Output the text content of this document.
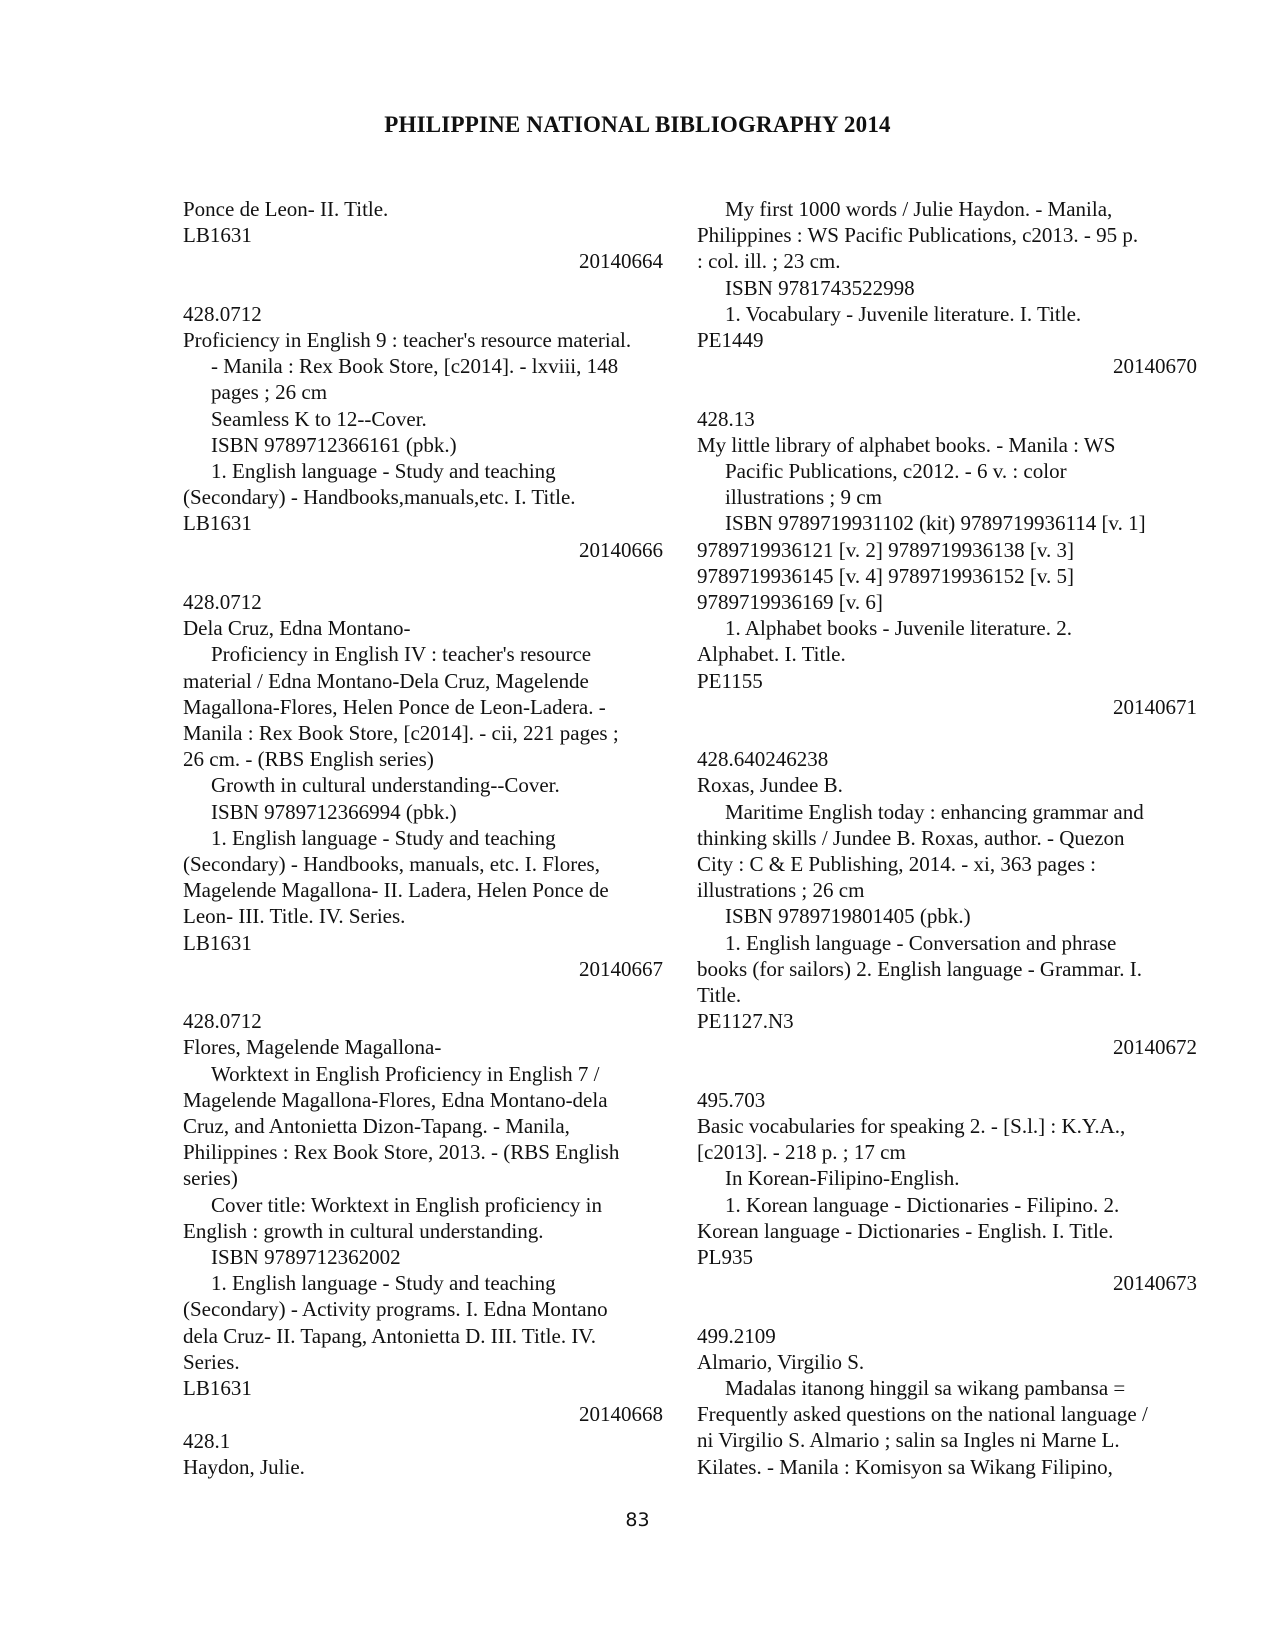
PHILIPPINE NATIONAL BIBLIOGRAPHY 2014
Ponce de Leon- II. Title.
LB1631
20140664
428.0712
Proficiency in English 9 : teacher's resource material.
- Manila : Rex Book Store, [c2014]. - lxviii, 148
pages ; 26 cm
Seamless K to 12--Cover.
ISBN 9789712366161 (pbk.)
1. English language - Study and teaching
(Secondary) - Handbooks,manuals,etc. I. Title.
LB1631
20140666
428.0712
Dela Cruz, Edna Montano-
Proficiency in English IV : teacher's resource
material / Edna Montano-Dela Cruz, Magelende
Magallona-Flores, Helen Ponce de Leon-Ladera. -
Manila : Rex Book Store, [c2014]. - cii, 221 pages ;
26 cm. - (RBS English series)
Growth in cultural understanding--Cover.
ISBN 9789712366994 (pbk.)
1. English language - Study and teaching
(Secondary) - Handbooks, manuals, etc. I. Flores,
Magelende Magallona- II. Ladera, Helen Ponce de
Leon- III. Title. IV. Series.
LB1631
20140667
428.0712
Flores, Magelende Magallona-
Worktext in English Proficiency in English 7 /
Magelende Magallona-Flores, Edna Montano-dela
Cruz, and Antonietta Dizon-Tapang. - Manila,
Philippines : Rex Book Store, 2013. - (RBS English
series)
Cover title: Worktext in English proficiency in
English : growth in cultural understanding.
ISBN 9789712362002
1. English language - Study and teaching
(Secondary) - Activity programs. I. Edna Montano
dela Cruz- II. Tapang, Antonietta D. III. Title. IV.
Series.
LB1631
20140668
428.1
Haydon, Julie.
My first 1000 words / Julie Haydon. - Manila,
Philippines : WS Pacific Publications, c2013. - 95 p.
: col. ill. ; 23 cm.
ISBN 9781743522998
1. Vocabulary - Juvenile literature. I. Title.
PE1449
20140670
428.13
My little library of alphabet books. - Manila : WS
Pacific Publications, c2012. - 6 v. : color
illustrations ; 9 cm
ISBN 9789719931102 (kit) 9789719936114 [v. 1]
9789719936121 [v. 2] 9789719936138 [v. 3]
9789719936145 [v. 4] 9789719936152 [v. 5]
9789719936169 [v. 6]
1. Alphabet books - Juvenile literature. 2.
Alphabet. I. Title.
PE1155
20140671
428.640246238
Roxas, Jundee B.
Maritime English today : enhancing grammar and
thinking skills / Jundee B. Roxas, author. - Quezon
City : C & E Publishing, 2014. - xi, 363 pages :
illustrations ; 26 cm
ISBN 9789719801405 (pbk.)
1. English language - Conversation and phrase
books (for sailors) 2. English language - Grammar. I.
Title.
PE1127.N3
20140672
495.703
Basic vocabularies for speaking 2. - [S.l.] : K.Y.A.,
[c2013]. - 218 p. ; 17 cm
In Korean-Filipino-English.
1. Korean language - Dictionaries - Filipino. 2.
Korean language - Dictionaries - English. I. Title.
PL935
20140673
499.2109
Almario, Virgilio S.
Madalas itanong hinggil sa wikang pambansa =
Frequently asked questions on the national language /
ni Virgilio S. Almario ; salin sa Ingles ni Marne L.
Kilates. - Manila : Komisyon sa Wikang Filipino,
83
